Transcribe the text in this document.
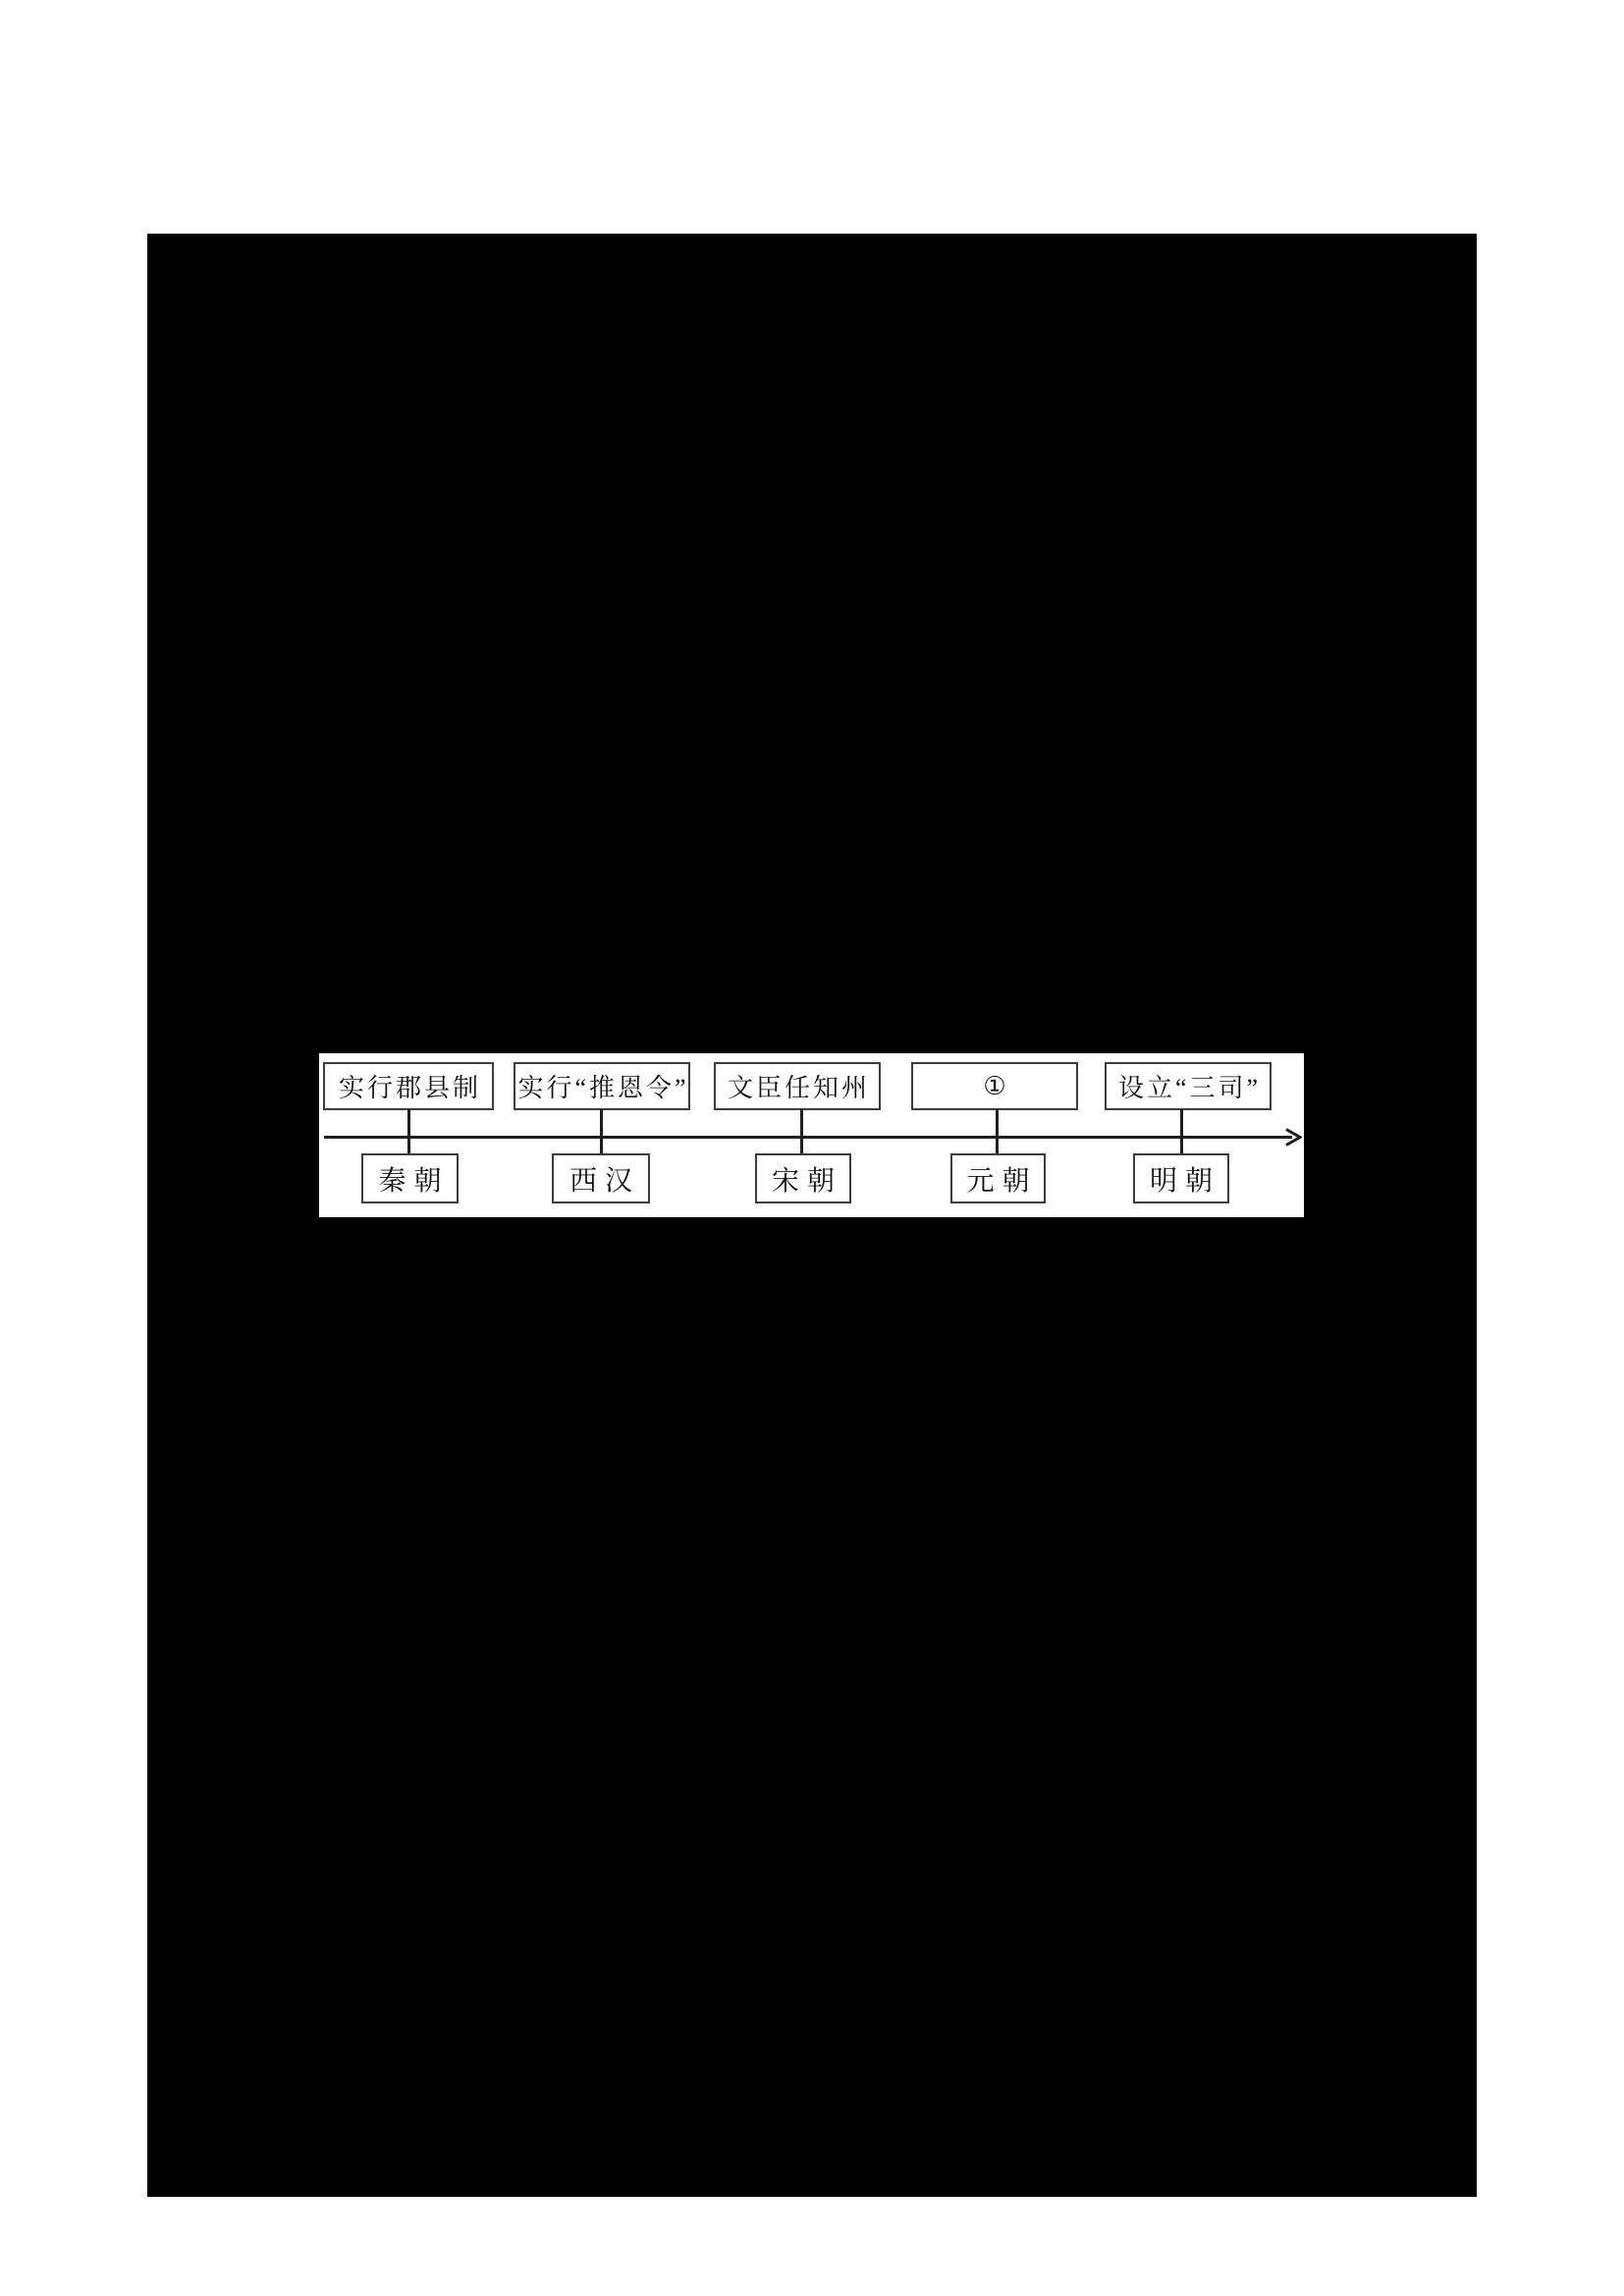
实行郡县制	实行“推恩令”	文臣任知州	①	设立“三司”
秦朝	西汉	宋朝	元朝	明朝
